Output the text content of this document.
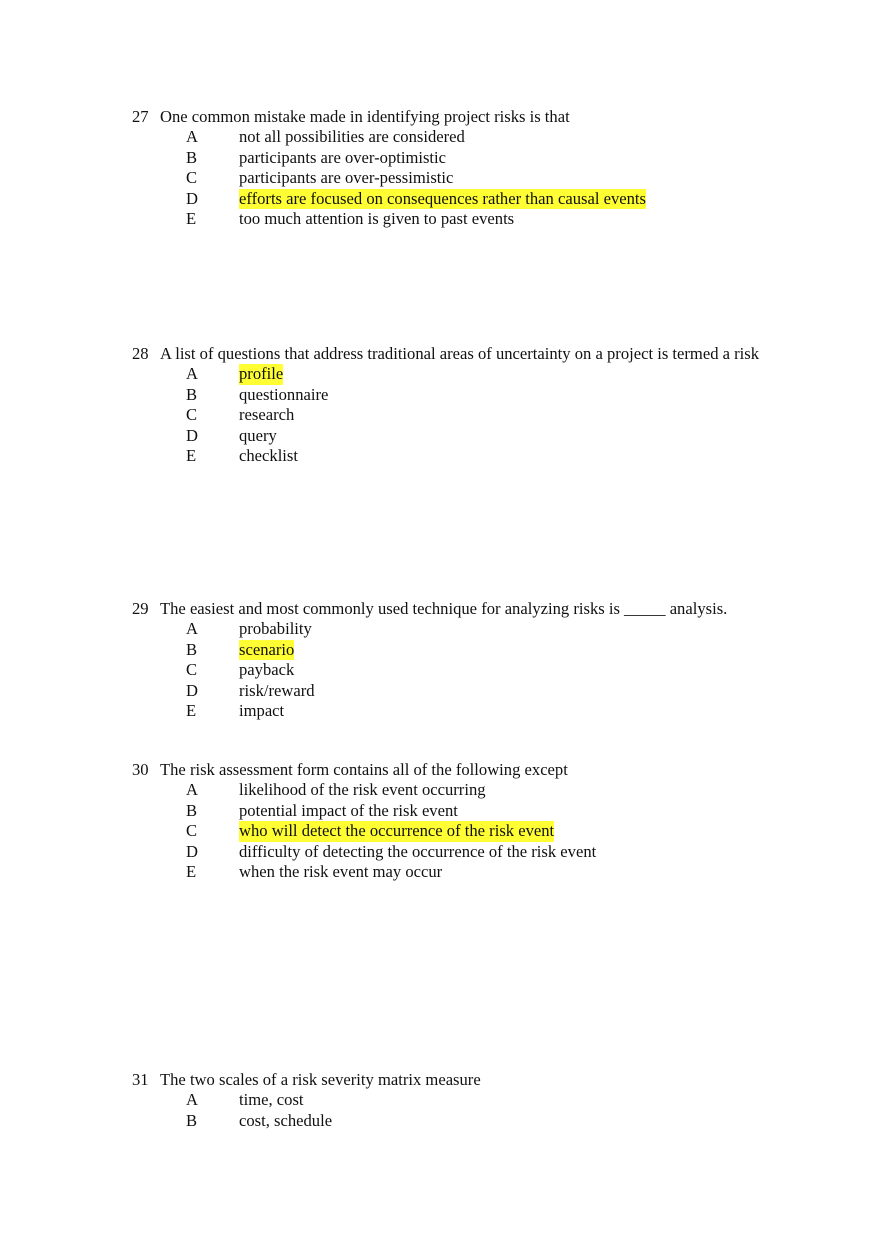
27 One common mistake made in identifying project risks is that
A	not all possibilities are considered
B	participants are over-optimistic
C	participants are over-pessimistic
D	efforts are focused on consequences rather than causal events
E	too much attention is given to past events
28 A list of questions that address traditional areas of uncertainty on a project is termed a risk
A	profile
B	questionnaire
C	research
D	query
E	checklist
29 The easiest and most commonly used technique for analyzing risks is _____ analysis.
A	probability
B	scenario
C	payback
D	risk/reward
E	impact
30 The risk assessment form contains all of the following except
A	likelihood of the risk event occurring
B	potential impact of the risk event
C	who will detect the occurrence of the risk event
D	difficulty of detecting the occurrence of the risk event
E	when the risk event may occur
31 The two scales of a risk severity matrix measure
A	time, cost
B	cost, schedule
